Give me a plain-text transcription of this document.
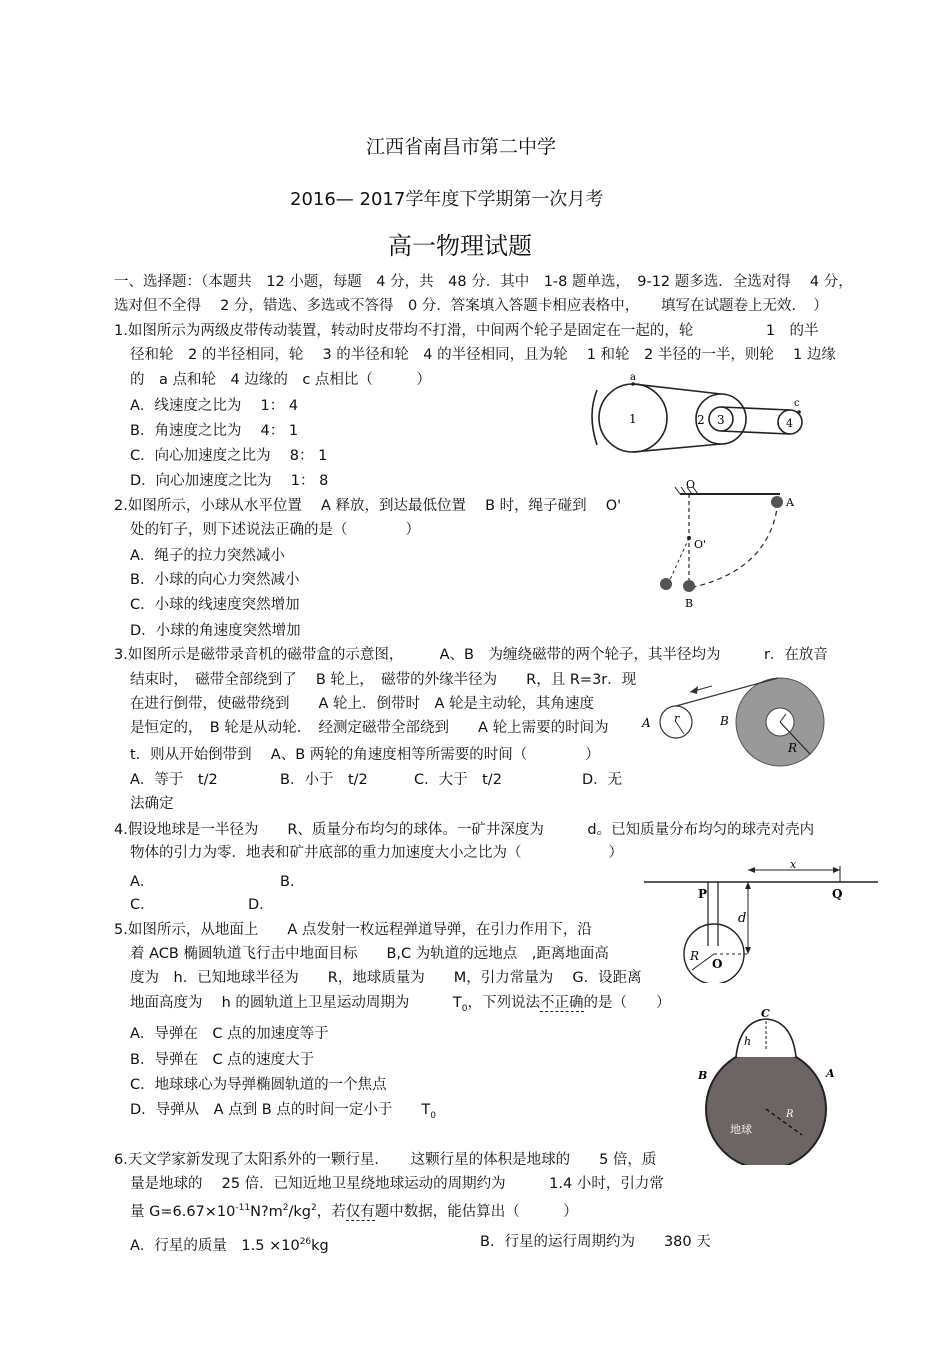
江西省南昌市第二中学
2016— 2017学年度下学期第一次月考
高一物理试题
一、选择题：（本题共　12 小题，每题　4 分，共　48 分．其中　1-8 题单选，　9-12 题多选．全选对得　 4 分，
选对但不全得　 2 分，错选、多选或不答得　0 分．答案填入答题卡相应表格中，　　填写在试题卷上无效．　）
1.如图所示为两级皮带传动装置，转动时皮带均不打滑，中间两个轮子是固定在一起的，轮　　　　　1　的半
径和轮　2 的半径相同，轮　 3 的半径和轮　4 的半径相同，且为轮　 1 和轮　2 半径的一半，则轮　 1 边缘
的　a 点和轮　4 边缘的　c 点相比（　　　）
A．线速度之比为　 1： 4
B．角速度之比为　 4： 1
C．向心加速度之比为　 8： 1
D．向心加速度之比为　 1： 8
a
c
1	2 3	4
2.如图所示，小球从水平位置　 A 释放，到达最低位置　 B 时，绳子碰到　 O'
处的钉子，则下述说法正确的是（　　　　）
A．绳子的拉力突然减小
B．小球的向心力突然减小
C．小球的线速度突然增加
D．小球的角速度突然增加
O
O'
A
B
3.如图所示是磁带录音机的磁带盒的示意图，　　　A、B　为缠绕磁带的两个轮子，其半径均为　　　r．在放音
结束时，　磁带全部绕到了　 B 轮上，　磁带的外缘半径为　　R，且 R=3r．现
在进行倒带，使磁带绕到　　A 轮上．倒带时　A 轮是主动轮，其角速度
是恒定的，　B 轮是从动轮．　经测定磁带全部绕到　　A 轮上需要的时间为
t．则从开始倒带到　 A、B 两轮的角速度相等所需要的时间（　　　　）
A．等于　t/2	B．小于　t/2	C．大于　t/2	D．无
法确定
A	B
r
R
4.假设地球是一半径为　　R、质量分布均匀的球体。一矿井深度为　　　d。已知质量分布均匀的球壳对壳内
物体的引力为零．地表和矿井底部的重力加速度大小之比为（　　　　　　）
A．	B．
C．	D．
x
P	Q
d
R
O
5.如图所示，从地面上　　A 点发射一枚远程弹道导弹，在引力作用下，沿
着 ACB 椭圆轨道飞行击中地面目标　　B,C 为轨道的远地点　,距离地面高
度为　h．已知地球半径为　　R，地球质量为　　M，引力常量为　 G．设距离
地面高度为　 h 的圆轨道上卫星运动周期为　　　$T_0$，下列说法不正确的是（　　）
A．导弹在　C 点的加速度等于
B．导弹在　C 点的速度大于
C．地球球心为导弹椭圆轨道的一个焦点
D．导弹从　A 点到 B 点的时间一定小于　　$T_0$
C
h
B	A
R
地球
6.天文学家新发现了太阳系外的一颗行星．　　这颗行星的体积是地球的　　5 倍，质
量是地球的　 25 倍．已知近地卫星绕地球运动的周期约为　　　1.4 小时，引力常
量 $G=6.67\times 10^{-11}N?m^2/kg^2$，若仅有题中数据，能估算出（　　　）
A．行星的质量　$1.5 \times 10^{26}kg$	B．行星的运行周期约为　　380 天
